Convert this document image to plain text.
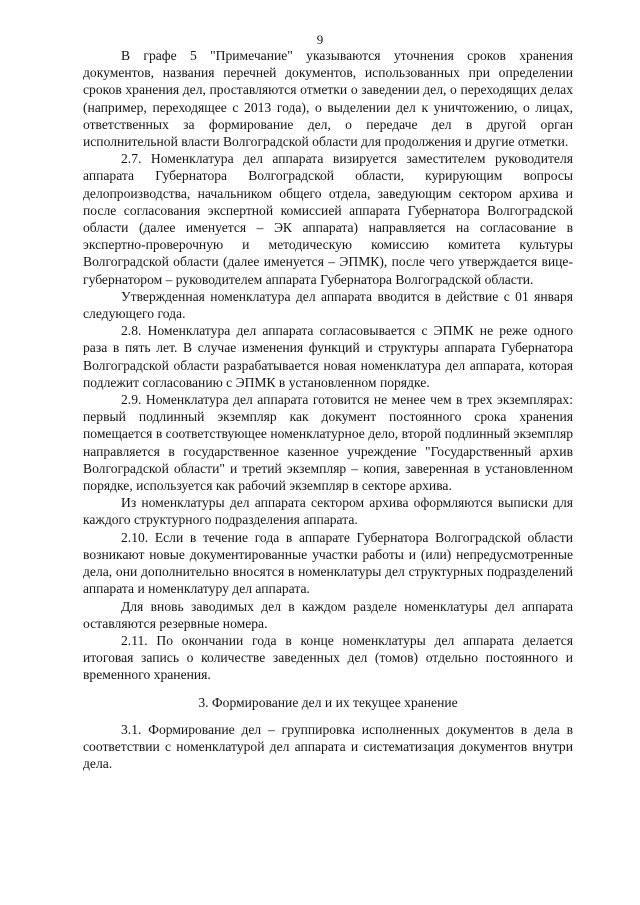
9

В графе 5 "Примечание" указываются уточнения сроков хранения документов, названия перечней документов, использованных при определении сроков хранения дел, проставляются отметки о заведении дел, о переходящих делах (например, переходящее с 2013 года), о выделении дел к уничтожению, о лицах, ответственных за формирование дел, о передаче дел в другой орган исполнительной власти Волгоградской области для продолжения и другие отметки.

2.7. Номенклатура дел аппарата визируется заместителем руководителя аппарата Губернатора Волгоградской области, курирующим вопросы делопроизводства, начальником общего отдела, заведующим сектором архива и после согласования экспертной комиссией аппарата Губернатора Волгоградской области (далее именуется – ЭК аппарата) направляется на согласование в экспертно-проверочную и методическую комиссию комитета культуры Волгоградской области (далее именуется – ЭПМК), после чего утверждается вице-губернатором – руководителем аппарата Губернатора Волгоградской области.

Утвержденная номенклатура дел аппарата вводится в действие с 01 января следующего года.

2.8. Номенклатура дел аппарата согласовывается с ЭПМК не реже одного раза в пять лет. В случае изменения функций и структуры аппарата Губернатора Волгоградской области разрабатывается новая номенклатура дел аппарата, которая подлежит согласованию с ЭПМК в установленном порядке.

2.9. Номенклатура дел аппарата готовится не менее чем в трех экземплярах: первый подлинный экземпляр как документ постоянного срока хранения помещается в соответствующее номенклатурное дело, второй подлинный экземпляр направляется в государственное казенное учреждение "Государственный архив Волгоградской области" и третий экземпляр – копия, заверенная в установленном порядке, используется как рабочий экземпляр в секторе архива.

Из номенклатуры дел аппарата сектором архива оформляются выписки для каждого структурного подразделения аппарата.

2.10. Если в течение года в аппарате Губернатора Волгоградской области возникают новые документированные участки работы и (или) непредусмотренные дела, они дополнительно вносятся в номенклатуры дел структурных подразделений аппарата и номенклатуру дел аппарата.

Для вновь заводимых дел в каждом разделе номенклатуры дел аппарата оставляются резервные номера.

2.11. По окончании года в конце номенклатуры дел аппарата делается итоговая запись о количестве заведенных дел (томов) отдельно постоянного и временного хранения.

3. Формирование дел и их текущее хранение

3.1. Формирование дел – группировка исполненных документов в дела в соответствии с номенклатурой дел аппарата и систематизация документов внутри дела.
